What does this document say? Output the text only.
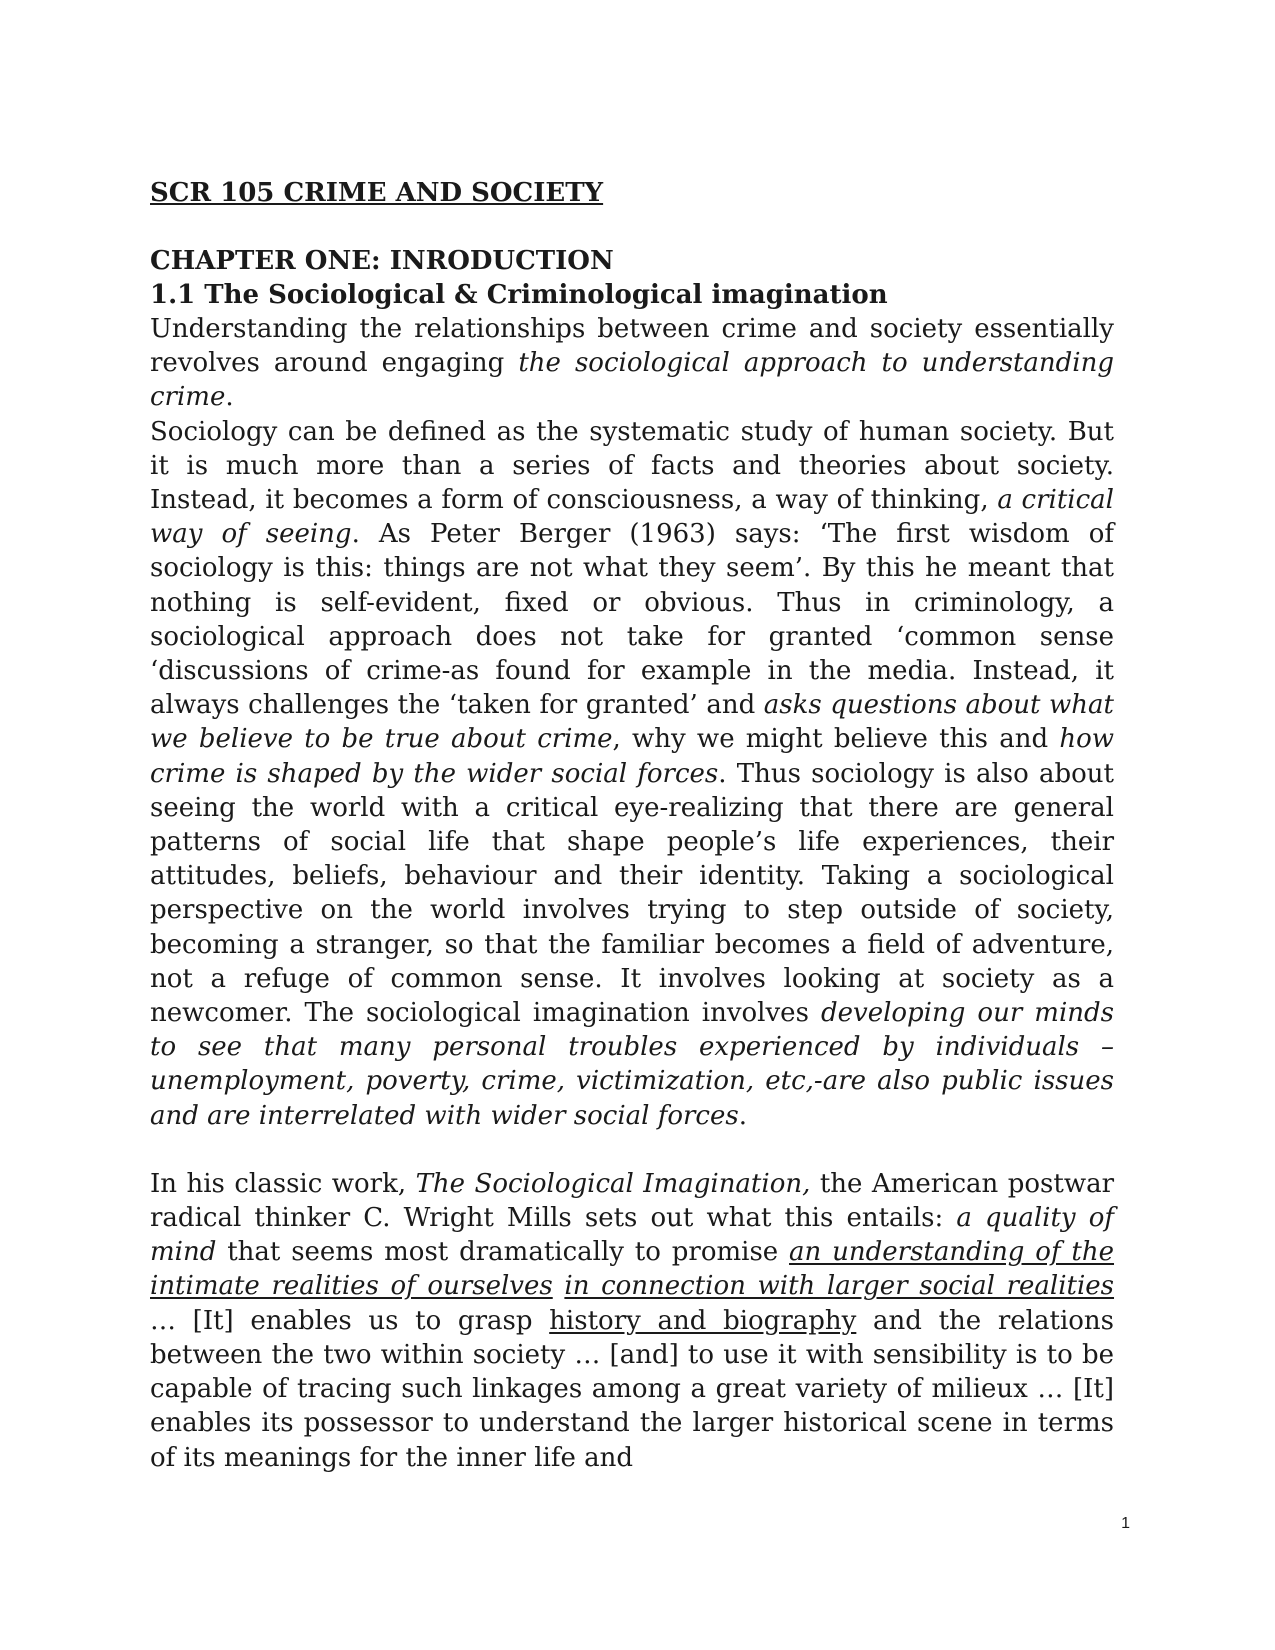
SCR 105 CRIME AND SOCIETY
CHAPTER ONE: INRODUCTION
1.1 The Sociological & Criminological imagination

Understanding the relationships between crime and society essentially revolves around engaging the sociological approach to understanding crime.

Sociology can be defined as the systematic study of human society. But it is much more than a series of facts and theories about society. Instead, it becomes a form of consciousness, a way of thinking, a critical way of seeing. As Peter Berger (1963) says: ‘The first wisdom of sociology is this: things are not what they seem’. By this he meant that nothing is self-evident, fixed or obvious. Thus in criminology, a sociological approach does not take for granted ‘common sense ‘discussions of crime-as found for example in the media. Instead, it always challenges the ‘taken for granted’ and asks questions about what we believe to be true about crime, why we might believe this and how crime is shaped by the wider social forces. Thus sociology is also about seeing the world with a critical eye-realizing that there are general patterns of social life that shape people’s life experiences, their attitudes, beliefs, behaviour and their identity. Taking a sociological perspective on the world involves trying to step outside of society, becoming a stranger, so that the familiar becomes a field of adventure, not a refuge of common sense. It involves looking at society as a newcomer. The sociological imagination involves developing our minds to see that many personal troubles experienced by individuals –unemployment, poverty, crime, victimization, etc,-are also public issues and are interrelated with wider social forces.

In his classic work, The Sociological Imagination, the American postwar radical thinker C. Wright Mills sets out what this entails: a quality of mind that seems most dramatically to promise an understanding of the intimate realities of ourselves in connection with larger social realities … [It] enables us to grasp history and biography and the relations between the two within society … [and] to use it with sensibility is to be capable of tracing such linkages among a great variety of milieux … [It] enables its possessor to understand the larger historical scene in terms of its meanings for the inner life and

1
